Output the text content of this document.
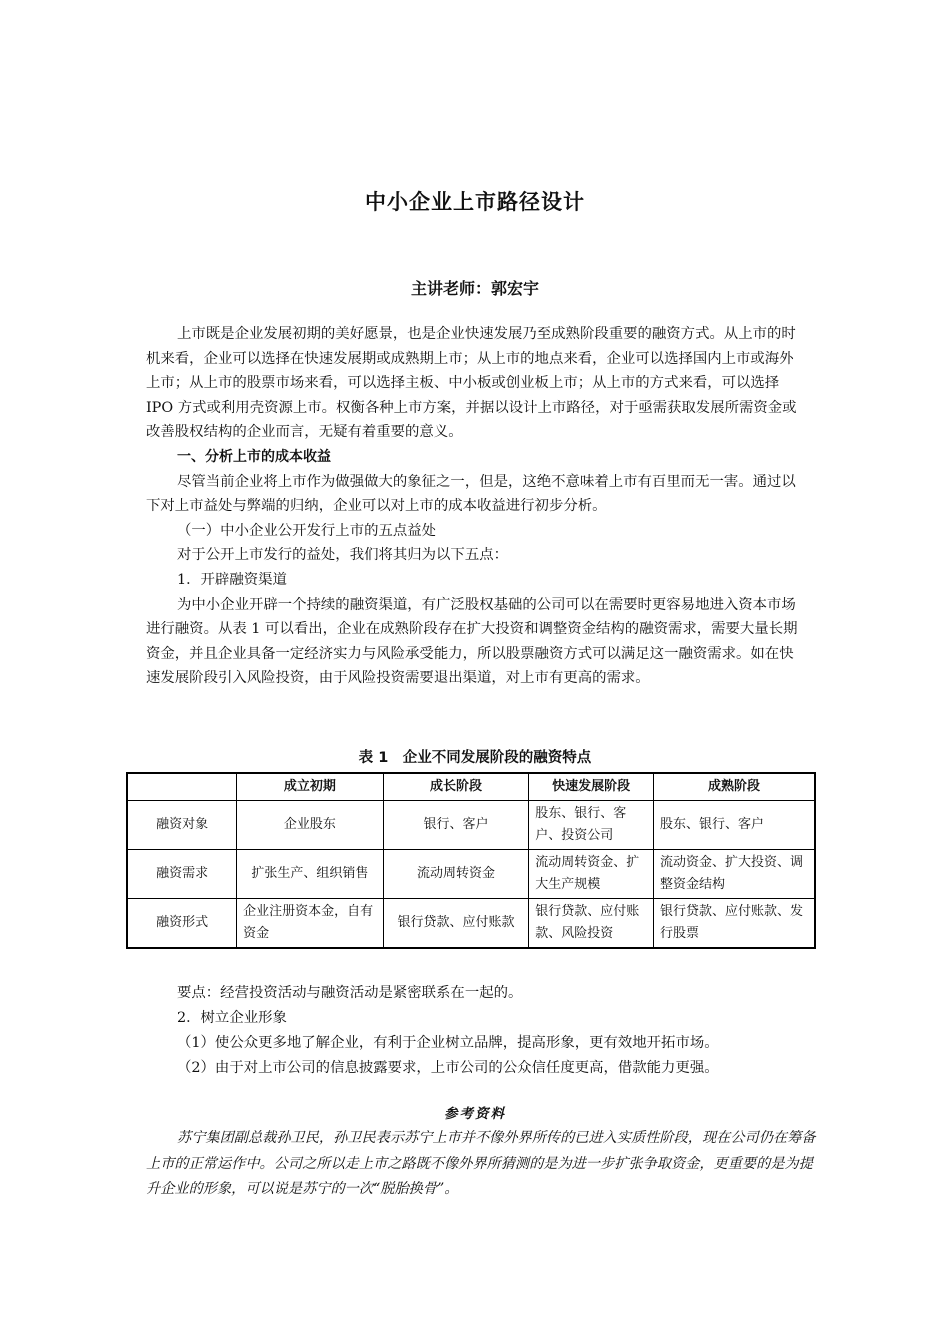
中小企业上市路径设计
主讲老师：郭宏宇

上市既是企业发展初期的美好愿景，也是企业快速发展乃至成熟阶段重要的融资方式。从上市的时机来看，企业可以选择在快速发展期或成熟期上市；从上市的地点来看，企业可以选择国内上市或海外上市；从上市的股票市场来看，可以选择主板、中小板或创业板上市；从上市的方式来看，可以选择 IPO 方式或利用壳资源上市。权衡各种上市方案，并据以设计上市路径，对于亟需获取发展所需资金或改善股权结构的企业而言，无疑有着重要的意义。

一、分析上市的成本收益

尽管当前企业将上市作为做强做大的象征之一，但是，这绝不意味着上市有百里而无一害。通过以下对上市益处与弊端的归纳，企业可以对上市的成本收益进行初步分析。

（一）中小企业公开发行上市的五点益处

对于公开上市发行的益处，我们将其归为以下五点：

1．开辟融资渠道

为中小企业开辟一个持续的融资渠道，有广泛股权基础的公司可以在需要时更容易地进入资本市场进行融资。从表 1 可以看出，企业在成熟阶段存在扩大投资和调整资金结构的融资需求，需要大量长期资金，并且企业具备一定经济实力与风险承受能力，所以股票融资方式可以满足这一融资需求。如在快速发展阶段引入风险投资，由于风险投资需要退出渠道，对上市有更高的需求。

表 1　企业不同发展阶段的融资特点
	成立初期	成长阶段	快速发展阶段	成熟阶段
融资对象	企业股东	银行、客户	股东、银行、客户、投资公司	股东、银行、客户
融资需求	扩张生产、组织销售	流动周转资金	流动周转资金、扩大生产规模	流动资金、扩大投资、调整资金结构
融资形式	企业注册资本金，自有资金	银行贷款、应付账款	银行贷款、应付账款、风险投资	银行贷款、应付账款、发行股票

要点：经营投资活动与融资活动是紧密联系在一起的。

2．树立企业形象

（1）使公众更多地了解企业，有利于企业树立品牌，提高形象，更有效地开拓市场。

（2）由于对上市公司的信息披露要求，上市公司的公众信任度更高，借款能力更强。

参考资料

苏宁集团副总裁孙卫民，孙卫民表示苏宁上市并不像外界所传的已进入实质性阶段，现在公司仍在筹备上市的正常运作中。公司之所以走上市之路既不像外界所猜测的是为进一步扩张争取资金，更重要的是为提升企业的形象，可以说是苏宁的一次“脱胎换骨”。
